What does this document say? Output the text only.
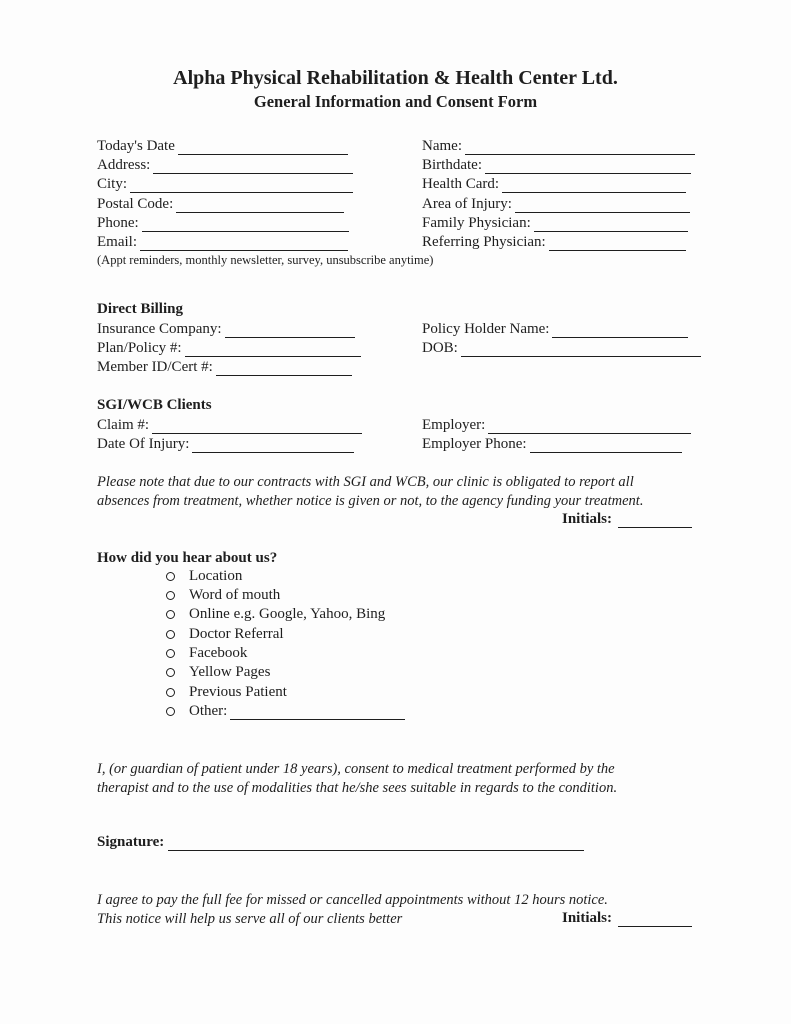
Alpha Physical Rehabilitation & Health Center Ltd.
General Information and Consent Form
Today's Date
Address:
City:
Postal Code:
Phone:
Email:
(Appt reminders, monthly newsletter, survey, unsubscribe anytime)
Name:
Birthdate:
Health Card:
Area of Injury:
Family Physician:
Referring Physician:
Direct Billing
Insurance Company:
Plan/Policy #:
Member ID/Cert #:
Policy Holder Name:
DOB:
SGI/WCB Clients
Claim #:
Date Of Injury:
Employer:
Employer Phone:
Please note that due to our contracts with SGI and WCB, our clinic is obligated to report all
absences from treatment, whether notice is given or not, to the agency funding your treatment.
Initials:
How did you hear about us?
Location
Word of mouth
Online e.g. Google, Yahoo, Bing
Doctor Referral
Facebook
Yellow Pages
Previous Patient
Other:
I, (or guardian of patient under 18 years), consent to medical treatment performed by the
therapist and to the use of modalities that he/she sees suitable in regards to the condition.
Signature:
I agree to pay the full fee for missed or cancelled appointments without 12 hours notice.
This notice will help us serve all of our clients better	Initials:
